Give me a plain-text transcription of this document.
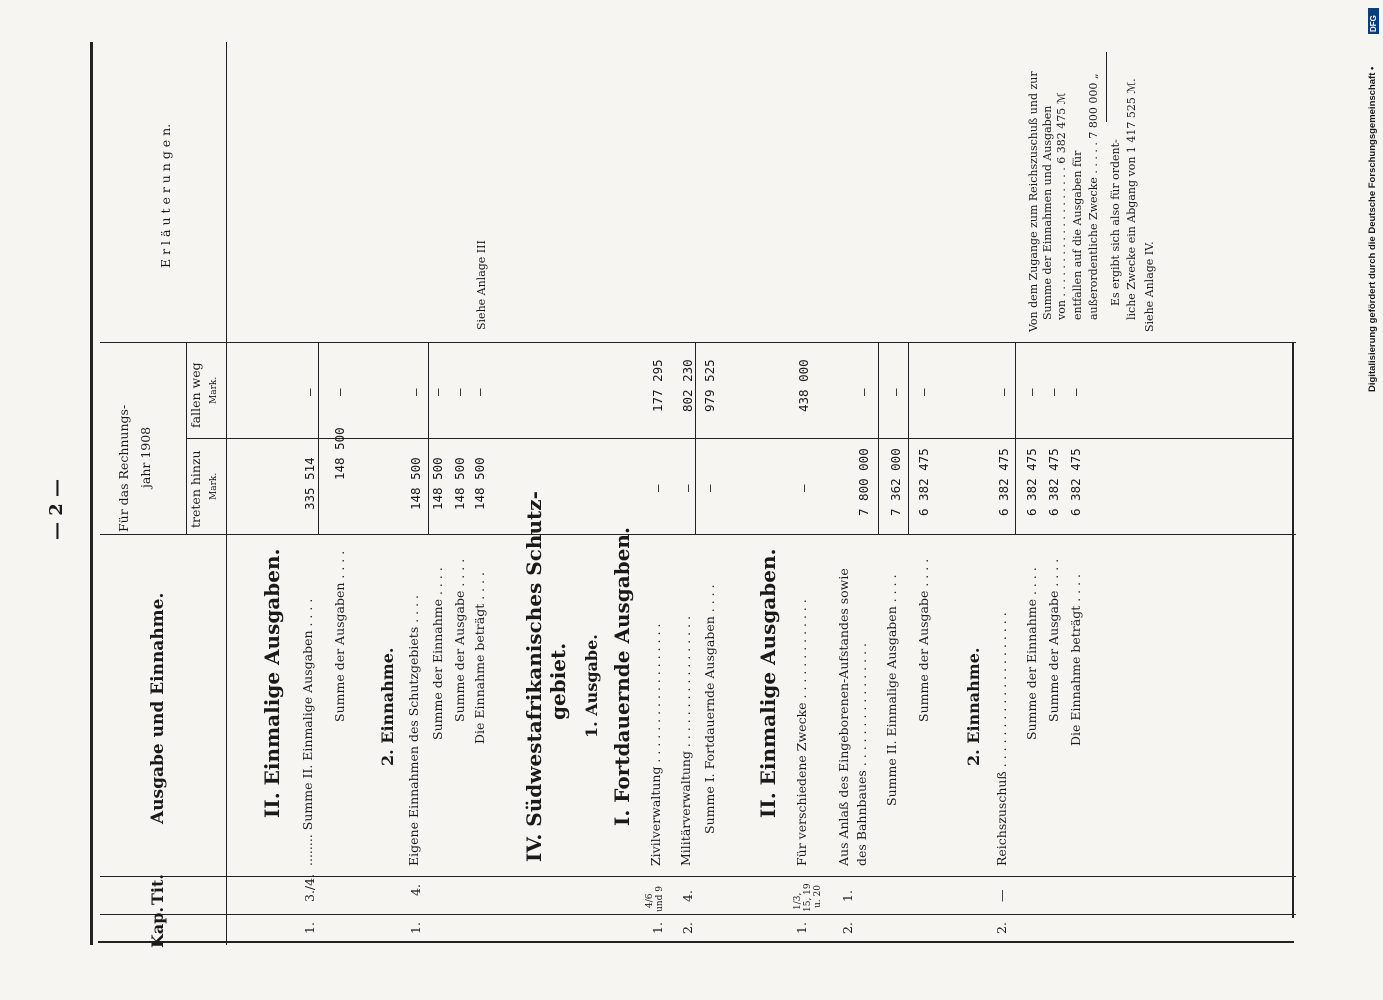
— 2 —
Kap.
Tit.
Ausgabe und Einnahme.
Für das Rechnungs- jahr 1908	treten hinzu Mark.
fallen weg Mark.
E r l ä u t e r u n g e n.
II. Einmalige Ausgaben.
1.
3./4.
........ Summe II. Einmalige Ausgaben . . . .
335 514
—
Summe der Ausgaben . . . .
148 500
—
2. Einnahme.
1.
4.
Eigene Einnahmen des Schutzgebiets . . . .
148 500
—
Summe der Einnahme . . . .
148 500
—
Summe der Ausgabe . . . .
148 500
—
Die Einnahme beträgt . . . .
148 500
—
Siehe Anlage III
IV. Südwestafrikanisches Schutz- gebiet. 1. Ausgabe. I. Fortdauernde Ausgaben.
1.
4/6 und 9
Zivilverwaltung . . . . . . . . . . . . . . . . . .
—
177 295
2.
4.
Militärverwaltung . . . . . . . . . . . . . . . . .
—
802 230
Summe I. Fortdauernde Ausgaben . . . .
—
979 525
II. Einmalige Ausgaben.
1.
1/3, 15, 19 u. 20
Für verschiedene Zwecke . . . . . . . . . . . . .
—
438 000
2.
1.
Aus Anlaß des Eingeborenen-Aufstandes sowie des Bahnbaues . . . . . . . . . . . . . . . .
7 800 000
—
Summe II. Einmalige Ausgaben . . . .
7 362 000
—
Summe der Ausgabe . . . .
6 382 475
—
2. Einnahme.
2.
—
Reichszuschuß . . . . . . . . . . . . . . . . . . . .
6 382 475
—
Summe der Einnahme . . . .
6 382 475
—
Summe der Ausgabe . . . .
6 382 475
—
Die Einnahme beträgt . . . .
6 382 475
—
Von dem Zugange zum Reichszuschuß und zur Summe der Einnahmen und Ausgaben von . . . . . . . . . . . . . . . . . . . 6 382 475 ℳ entfallen auf die Ausgaben für außerordentliche Zwecke . . . . . 7 800 000 „ Es ergibt sich also für ordent- liche Zwecke ein Abgang von 1 417 525 ℳ. Siehe Anlage IV.
DFG
Digitalisierung gefördert durch die Deutsche Forschungsgemeinschaft •
